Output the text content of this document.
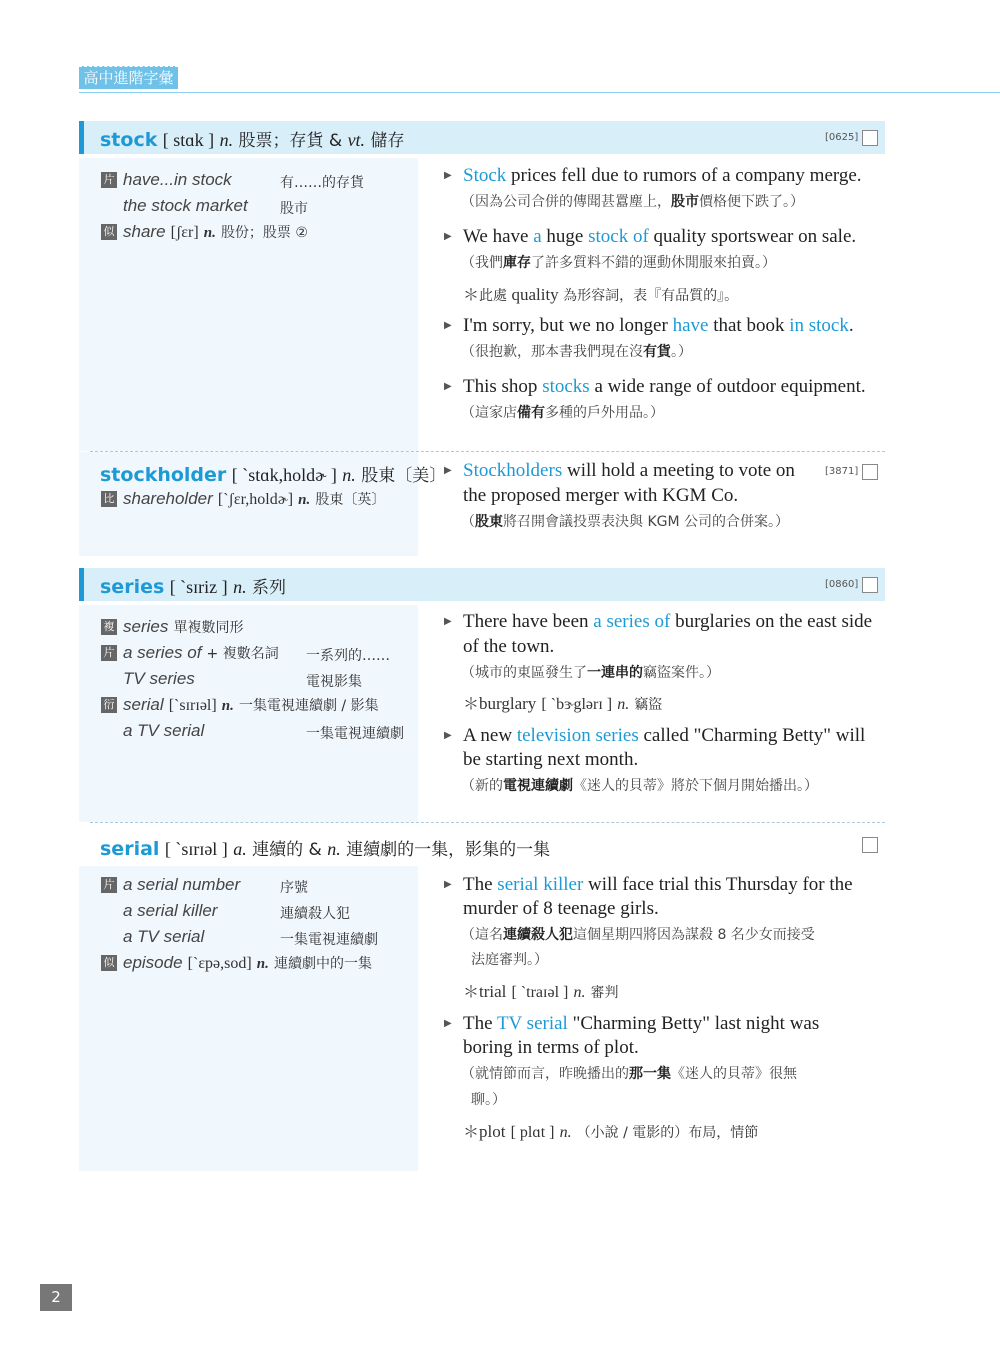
高中進階字彙
stock [ stɑk ] n. 股票；存貨 & vt. 儲存	[0625]
片 have...in stock	有……的存貨
the stock market 股市
似 share [ʃɛr] n. 股份；股票 ②
▶ Stock prices fell due to rumors of a company merge.
（因為公司合併的傳聞甚囂塵上，股市價格便下跌了。）
▶ We have a huge stock of quality sportswear on sale.
（我們庫存了許多質料不錯的運動休閒服來拍賣。）
＊此處 quality 為形容詞，表『有品質的』。
▶ I'm sorry, but we no longer have that book in stock.
（很抱歉，那本書我們現在沒有貨。）
▶ This shop stocks a wide range of outdoor equipment.
（這家店備有多種的戶外用品。）
stockholder [ ˋstɑk,holdɚ ] n. 股東〔美〕
比 shareholder [ˋʃɛr,holdɚ] n. 股東〔英〕
[3871]
▶ Stockholders will hold a meeting to vote on
the proposed merger with KGM Co.
（股東將召開會議投票表決與 KGM 公司的合併案。）
series [ ˋsɪriz ] n. 系列	[0860]
複 series 單複數同形
片 a series of + 複數名詞 一系列的……
TV series	電視影集
衍 serial [ˋsɪrɪəl] n. 一集電視連續劇 / 影集
a TV serial	一集電視連續劇
▶ There have been a series of burglaries on the east side
of the town.
（城市的東區發生了一連串的竊盜案件。）
＊burglary [ ˋbɝglərɪ ] n. 竊盜
▶ A new television series called "Charming Betty" will
be starting next month.
（新的電視連續劇《迷人的貝蒂》將於下個月開始播出。）
serial [ ˋsɪrɪəl ] a. 連續的 & n. 連續劇的一集，影集的一集
片 a serial number	序號
a serial killer	連續殺人犯
a TV serial	一集電視連續劇
似 episode [ˋɛpə,sod] n. 連續劇中的一集
▶ The serial killer will face trial this Thursday for the
murder of 8 teenage girls.
（這名連續殺人犯這個星期四將因為謀殺 8 名少女而接受
法庭審判。）
＊trial [ ˋtraɪəl ] n. 審判
▶ The TV serial "Charming Betty" last night was
boring in terms of plot.
（就情節而言，昨晚播出的那一集《迷人的貝蒂》很無
聊。）
＊plot [ plɑt ] n. （小說 / 電影的）布局，情節
2
